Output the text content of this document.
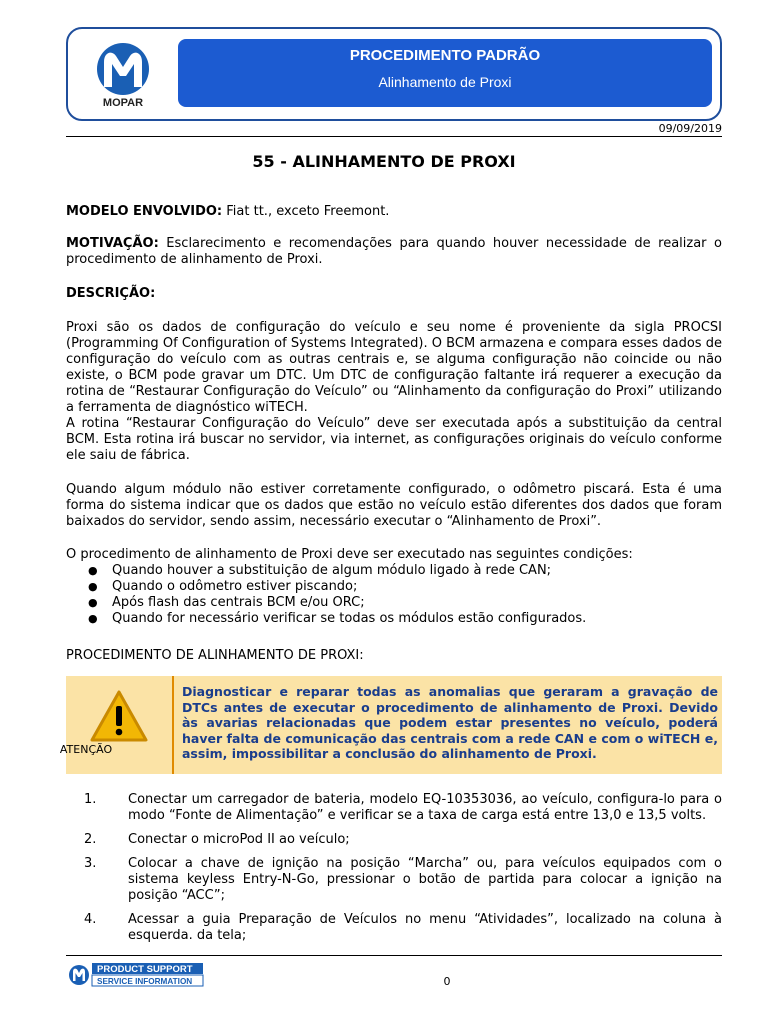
MOPAR
PROCEDIMENTO PADRÃO
Alinhamento de Proxi
09/09/2019
55 - ALINHAMENTO DE PROXI

MODELO ENVOLVIDO: Fiat tt., exceto Freemont.

MOTIVAÇÃO: Esclarecimento e recomendações para quando houver necessidade de realizar o procedimento de alinhamento de Proxi.

DESCRIÇÃO:

Proxi são os dados de configuração do veículo e seu nome é proveniente da sigla PROCSI (Programming Of Configuration of Systems Integrated). O BCM armazena e compara esses dados de configuração do veículo com as outras centrais e, se alguma configuração não coincide ou não existe, o BCM pode gravar um DTC. Um DTC de configuração faltante irá requerer a execução da rotina de “Restaurar Configuração do Veículo” ou “Alinhamento da configuração do Proxi” utilizando a ferramenta de diagnóstico wiTECH.

A rotina “Restaurar Configuração do Veículo” deve ser executada após a substituição da central BCM. Esta rotina irá buscar no servidor, via internet, as configurações originais do veículo conforme ele saiu de fábrica.

Quando algum módulo não estiver corretamente configurado, o odômetro piscará. Esta é uma forma do sistema indicar que os dados que estão no veículo estão diferentes dos dados que foram baixados do servidor, sendo assim, necessário executar o “Alinhamento de Proxi”.

O procedimento de alinhamento de Proxi deve ser executado nas seguintes condições:

● Quando houver a substituição de algum módulo ligado à rede CAN;
● Quando o odômetro estiver piscando;
● Após flash das centrais BCM e/ou ORC;
● Quando for necessário verificar se todas os módulos estão configurados.
PROCEDIMENTO DE ALINHAMENTO DE PROXI:
ATENÇÃO
Diagnosticar e reparar todas as anomalias que geraram a gravação de DTCs antes de executar o procedimento de alinhamento de Proxi. Devido às avarias relacionadas que podem estar presentes no veículo, poderá haver falta de comunicação das centrais com a rede CAN e com o wiTECH e, assim, impossibilitar a conclusão do alinhamento de Proxi.
1. Conectar um carregador de bateria, modelo EQ-10353036, ao veículo, configura-lo para o modo “Fonte de Alimentação” e verificar se a taxa de carga está entre 13,0 e 13,5 volts.
2. Conectar o microPod II ao veículo;
3. Colocar a chave de ignição na posição “Marcha” ou, para veículos equipados com o sistema keyless Entry-N-Go, pressionar o botão de partida para colocar a ignição na posição “ACC”;
4. Acessar a guia Preparação de Veículos no menu “Atividades”, localizado na coluna à esquerda. da tela;
PRODUCT SUPPORT
SERVICE INFORMATION	0
